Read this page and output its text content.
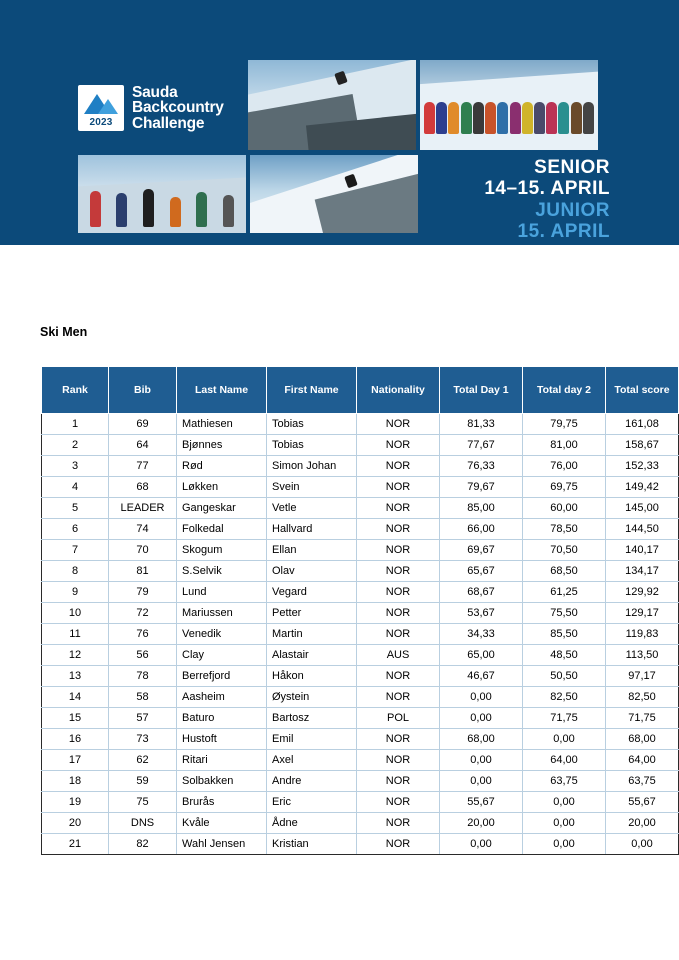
2023
Sauda
Backcountry
Challenge
SENIOR
14–15. APRIL
JUNIOR
15. APRIL
Ski Men
Rank	Bib	Last Name	First Name	Nationality	Total Day 1	Total day 2	Total score
1	69	Mathiesen	Tobias	NOR	81,33	79,75	161,08
2	64	Bjønnes	Tobias	NOR	77,67	81,00	158,67
3	77	Rød	Simon Johan	NOR	76,33	76,00	152,33
4	68	Løkken	Svein	NOR	79,67	69,75	149,42
5	LEADER	Gangeskar	Vetle	NOR	85,00	60,00	145,00
6	74	Folkedal	Hallvard	NOR	66,00	78,50	144,50
7	70	Skogum	Ellan	NOR	69,67	70,50	140,17
8	81	S.Selvik	Olav	NOR	65,67	68,50	134,17
9	79	Lund	Vegard	NOR	68,67	61,25	129,92
10	72	Mariussen	Petter	NOR	53,67	75,50	129,17
11	76	Venedik	Martin	NOR	34,33	85,50	119,83
12	56	Clay	Alastair	AUS	65,00	48,50	113,50
13	78	Berrefjord	Håkon	NOR	46,67	50,50	97,17
14	58	Aasheim	Øystein	NOR	0,00	82,50	82,50
15	57	Baturo	Bartosz	POL	0,00	71,75	71,75
16	73	Hustoft	Emil	NOR	68,00	0,00	68,00
17	62	Ritari	Axel	NOR	0,00	64,00	64,00
18	59	Solbakken	Andre	NOR	0,00	63,75	63,75
19	75	Brurås	Eric	NOR	55,67	0,00	55,67
20	DNS	Kvåle	Ådne	NOR	20,00	0,00	20,00
21	82	Wahl Jensen	Kristian	NOR	0,00	0,00	0,00
